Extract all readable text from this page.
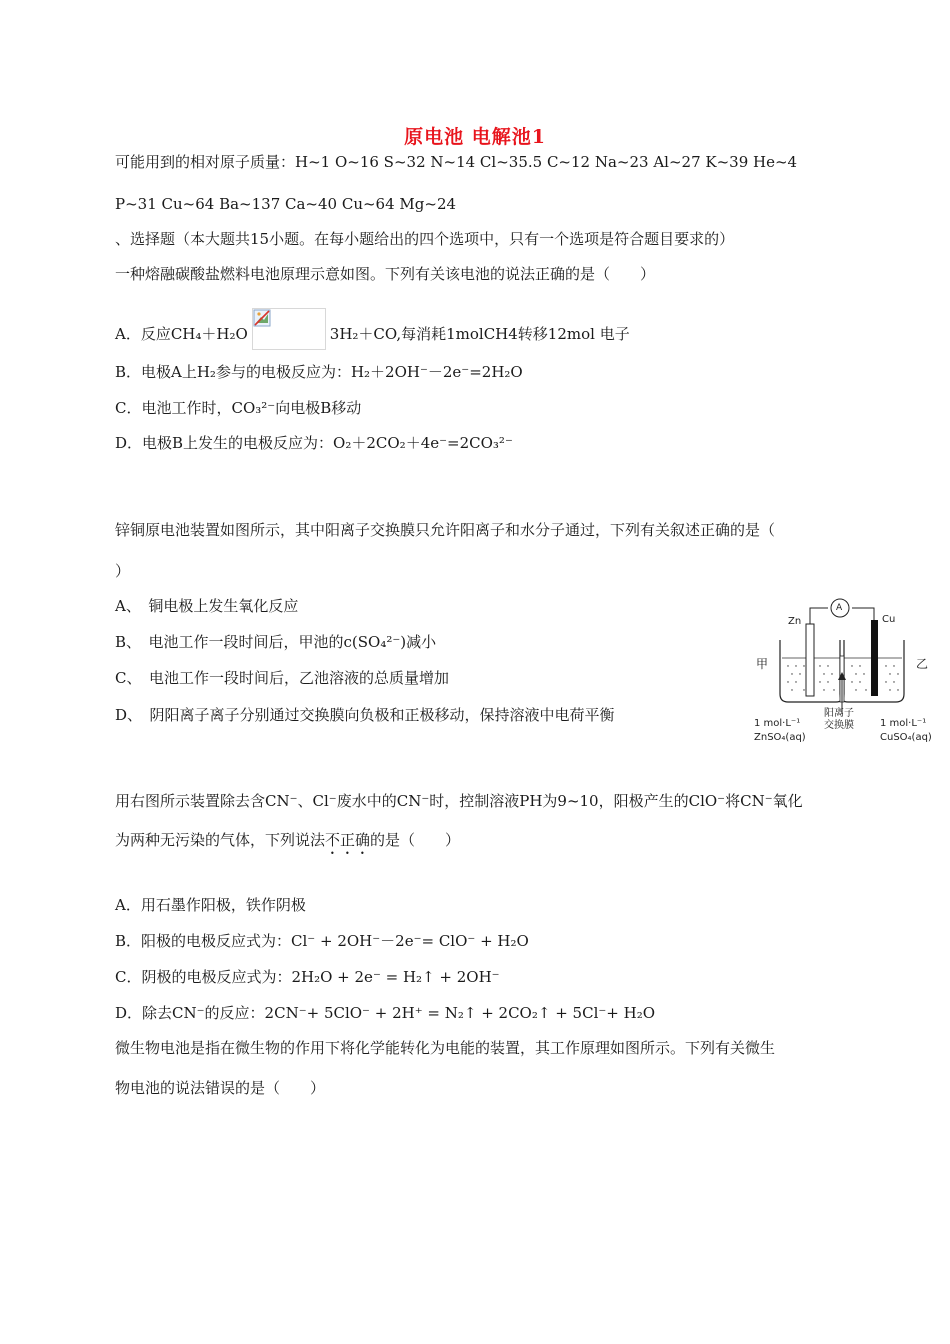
原电池 电解池1
可能用到的相对原子质量：H~1 O~16 S~32 N~14 Cl~35.5 C~12 Na~23 Al~27 K~39 He~4
P~31 Cu~64 Ba~137 Ca~40 Cu~64 Mg~24
、选择题（本大题共15小题。在每小题给出的四个选项中，只有一个选项是符合题目要求的）
一种熔融碳酸盐燃料电池原理示意如图。下列有关该电池的说法正确的是（　　）
A．反应CH₄＋H₂O	3H₂＋CO,每消耗1molCH4转移12mol 电子
B．电极A上H₂参与的电极反应为：H₂＋2OH⁻－2e⁻=2H₂O
C．电池工作时，CO₃²⁻向电极B移动
D．电极B上发生的电极反应为：O₂＋2CO₂＋4e⁻=2CO₃²⁻
锌铜原电池装置如图所示，其中阳离子交换膜只允许阳离子和水分子通过，下列有关叙述正确的是（
）
A、　铜电极上发生氧化反应
B、　电池工作一段时间后，甲池的c(SO₄²⁻)减小
C、　电池工作一段时间后，乙池溶液的总质量增加
D、　阴阳离子离子分别通过交换膜向负极和正极移动，保持溶液中电荷平衡
Zn	Cu
A
甲	乙
阳离子
交换膜
1 mol·L⁻¹
ZnSO₄(aq)
1 mol·L⁻¹
CuSO₄(aq)
用右图所示装置除去含CN⁻、Cl⁻废水中的CN⁻时，控制溶液PH为9~10，阳极产生的ClO⁻将CN⁻氧化
为两种无污染的气体，下列说法不正确的是（　　）
A．用石墨作阳极，铁作阴极
B．阳极的电极反应式为：Cl⁻ + 2OH⁻－2e⁻= ClO⁻ + H₂O
C．阴极的电极反应式为：2H₂O + 2e⁻ = H₂↑ + 2OH⁻
D．除去CN⁻的反应：2CN⁻+ 5ClO⁻ + 2H⁺ = N₂↑ + 2CO₂↑ + 5Cl⁻+ H₂O
微生物电池是指在微生物的作用下将化学能转化为电能的装置，其工作原理如图所示。下列有关微生
物电池的说法错误的是（　　）
